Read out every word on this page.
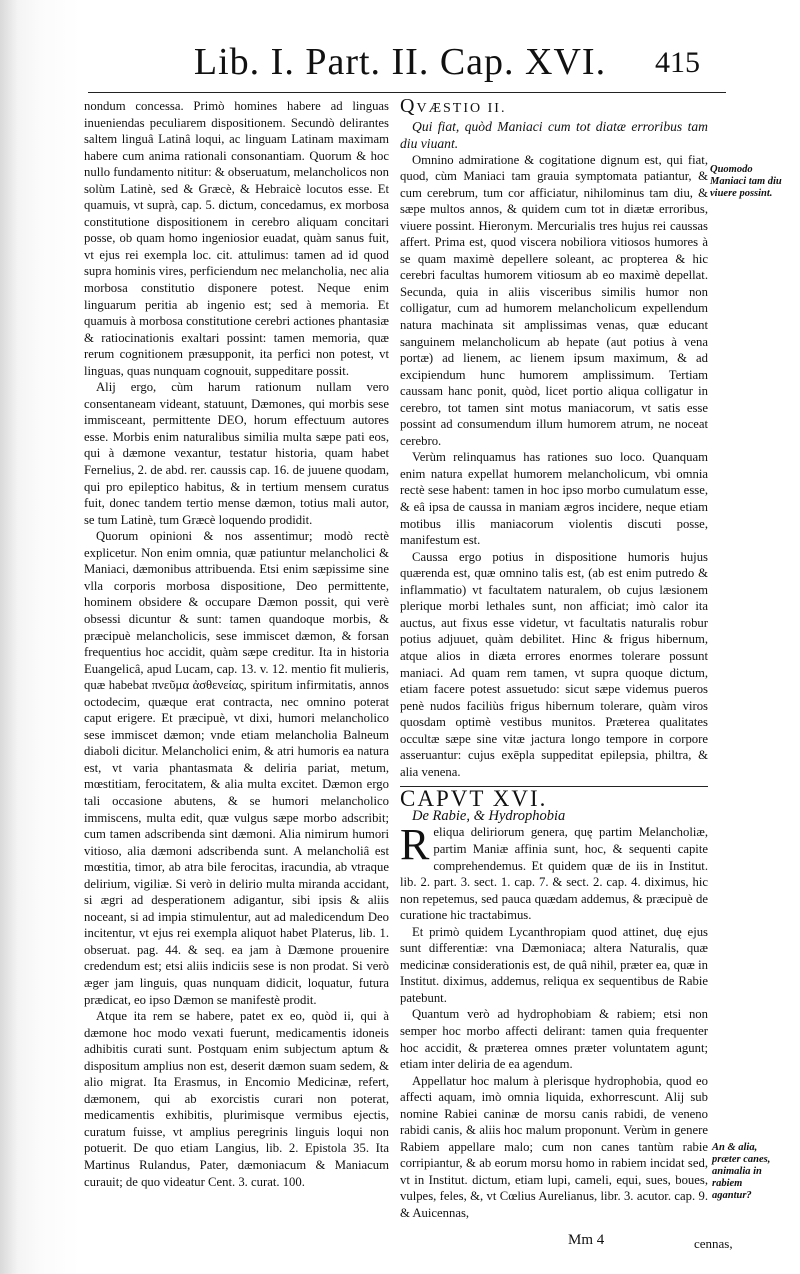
Lib. I. Part. II. Cap. XVI.	415

nondum concessa. Primò homines habere ad linguas inueniendas peculiarem dispositionem. Secundò delirantes saltem linguâ Latinâ loqui, ac linguam Latinam maximam habere cum anima rationali consonantiam. Quorum & hoc nullo fundamento nititur: & obseruatum, melancholicos non solùm Latinè, sed & Græcè, & Hebraicè locutos esse. Et quamuis, vt suprà, cap. 5. dictum, concedamus, ex morbosa constitutione dispositionem in cerebro aliquam concitari posse, ob quam homo ingeniosior euadat, quàm sanus fuit, vt ejus rei exempla loc. cit. attulimus: tamen ad id quod supra hominis vires, perficiendum nec melancholia, nec alia morbosa constitutio disponere potest. Neque enim linguarum peritia ab ingenio est; sed à memoria. Et quamuis à morbosa constitutione cerebri actiones phantasiæ & ratiocinationis exaltari possint: tamen memoria, quæ rerum cognitionem præsupponit, ita perfici non potest, vt linguas, quas nunquam cognouit, suppeditare possit.

Alij ergo, cùm harum rationum nullam vero consentaneam videant, statuunt, Dæmones, qui morbis sese immisceant, permittente DEO, horum effectuum autores esse. Morbis enim naturalibus similia multa sæpe pati eos, qui à dæmone vexantur, testatur historia, quam habet Fernelius, 2. de abd. rer. caussis cap. 16. de juuene quodam, qui pro epileptico habitus, & in tertium mensem curatus fuit, donec tandem tertio mense dæmon, totius mali autor, se tum Latinè, tum Græcè loquendo prodidit.

Quorum opinioni & nos assentimur; modò rectè explicetur. Non enim omnia, quæ patiuntur melancholici & Maniaci, dæmonibus attribuenda. Etsi enim sæpissime sine vlla corporis morbosa dispositione, Deo permittente, hominem obsidere & occupare Dæmon possit, qui verè obsessi dicuntur & sunt: tamen quandoque morbis, & præcipuè melancholicis, sese immiscet dæmon, & forsan frequentius hoc accidit, quàm sæpe creditur. Ita in historia Euangelicâ, apud Lucam, cap. 13. v. 12. mentio fit mulieris, quæ habebat πνεῦμα ἀσθενείας, spiritum infirmitatis, annos octodecim, quæque erat contracta, nec omnino poterat caput erigere. Et præcipuè, vt dixi, humori melancholico sese immiscet dæmon; vnde etiam melancholia Balneum diaboli dicitur. Melancholici enim, & atri humoris ea natura est, vt varia phantasmata & deliria pariat, metum, mœstitiam, ferocitatem, & alia multa excitet. Dæmon ergo tali occasione abutens, & se humori melancholico immiscens, multa edit, quæ vulgus sæpe morbo adscribit; cum tamen adscribenda sint dæmoni. Alia nimirum humori vitioso, alia dæmoni adscribenda sunt. A melancholiâ est mœstitia, timor, ab atra bile ferocitas, iracundia, ab vtraque delirium, vigiliæ. Si verò in delirio multa miranda accidant, si ægri ad desperationem adigantur, sibi ipsis & aliis noceant, si ad impia stimulentur, aut ad maledicendum Deo incitentur, vt ejus rei exempla aliquot habet Platerus, lib. 1. obseruat. pag. 44. & seq. ea jam à Dæmone prouenire credendum est; etsi aliis indiciis sese is non prodat. Si verò æger jam linguis, quas nunquam didicit, loquatur, futura prædicat, eo ipso Dæmon se manifestè prodit.

Atque ita rem se habere, patet ex eo, quòd ii, qui à dæmone hoc modo vexati fuerunt, medicamentis idoneis adhibitis curati sunt. Postquam enim subjectum aptum & dispositum amplius non est, deserit dæmon suam sedem, & alio migrat. Ita Erasmus, in Encomio Medicinæ, refert, dæmonem, qui ab exorcistis curari non poterat, medicamentis exhibitis, plurimisque vermibus ejectis, curatum fuisse, vt amplius peregrinis linguis loqui non potuerit. De quo etiam Langius, lib. 2. Epistola 35. Ita Martinus Rulandus, Pater, dæmoniacum & Maniacum curauit; de quo videatur Cent. 3. curat. 100.

QVÆSTIO II.

Qui fiat, quòd Maniaci cum tot diatæ erroribus tam diu viuant.

Omnino admiratione & cogitatione dignum est, qui fiat, quod, cùm Maniaci tam grauia symptomata patiantur, & cum cerebrum, tum cor afficiatur, nihilominus tam diu, & sæpe multos annos, & quidem cum tot in diætæ erroribus, viuere possint. Hieronym. Mercurialis tres hujus rei caussas affert. Prima est, quod viscera nobiliora vitiosos humores à se quam maximè depellere soleant, ac propterea & hic cerebri facultas humorem vitiosum ab eo maximè depellat. Secunda, quia in aliis visceribus similis humor non colligatur, cum ad humorem melancholicum expellendum natura machinata sit amplissimas venas, quæ educant sanguinem melancholicum ab hepate (aut potius à vena portæ) ad lienem, ac lienem ipsum maximum, & ad excipiendum hunc humorem amplissimum. Tertiam caussam hanc ponit, quòd, licet portio aliqua colligatur in cerebro, tot tamen sint motus maniacorum, vt satis esse possint ad consumendum illum humorem atrum, ne noceat cerebro.

Verùm relinquamus has rationes suo loco. Quanquam enim natura expellat humorem melancholicum, vbi omnia rectè sese habent: tamen in hoc ipso morbo cumulatum esse, & eâ ipsa de caussa in maniam ægros incidere, neque etiam motibus illis maniacorum violentis discuti posse, manifestum est.

Caussa ergo potius in dispositione humoris hujus quærenda est, quæ omnino talis est, (ab est enim putredo & inflammatio) vt facultatem naturalem, ob cujus læsionem plerique morbi lethales sunt, non afficiat; imò calor ita auctus, aut fixus esse videtur, vt facultatis naturalis robur potius adjuuet, quàm debilitet. Hinc & frigus hibernum, atque alios in diæta errores enormes tolerare possunt maniaci. Ad quam rem tamen, vt supra quoque dictum, etiam facere potest assuetudo: sicut sæpe videmus pueros penè nudos faciliùs frigus hibernum tolerare, quàm viros quosdam optimè vestibus munitos. Præterea qualitates occultæ sæpe sine vitæ jactura longo tempore in corpore asseruantur: cujus exēpla suppeditat epilepsia, philtra, & alia venena.

CAPVT XVI.

De Rabie, & Hydrophobia

Reliqua deliriorum genera, quę partim Melancholiæ, partim Maniæ affinia sunt, hoc, & sequenti capite comprehendemus. Et quidem quæ de iis in Institut. lib. 2. part. 3. sect. 1. cap. 7. & sect. 2. cap. 4. diximus, hic non repetemus, sed pauca quædam addemus, & præcipuè de curatione hic tractabimus.

Et primò quidem Lycanthropiam quod attinet, duę ejus sunt differentiæ: vna Dæmoniaca; altera Naturalis, quæ medicinæ considerationis est, de quâ nihil, præter ea, quæ in Institut. diximus, addemus, reliqua ex sequentibus de Rabie patebunt.

Quantum verò ad hydrophobiam & rabiem; etsi non semper hoc morbo affecti delirant: tamen quia frequenter hoc accidit, & præterea omnes præter voluntatem agunt; etiam inter deliria de ea agendum.

Appellatur hoc malum à plerisque hydrophobia, quod eo affecti aquam, imò omnia liquida, exhorrescunt. Alij sub nomine Rabiei caninæ de morsu canis rabidi, de veneno rabidi canis, & aliis hoc malum proponunt. Verùm in genere Rabiem appellare malo; cum non canes tantùm rabie corripiantur, & ab eorum morsu homo in rabiem incidat sed, vt in Institut. dictum, etiam lupi, cameli, equi, sues, boues, vulpes, feles, &, vt Cœlius Aurelianus, libr. 3. acutor. cap. 9. & Auicennas,

Quomodo Maniaci tam diu viuere possint.
An & alia, præter canes, animalia in rabiem agantur?
Mm 4	cennas,
